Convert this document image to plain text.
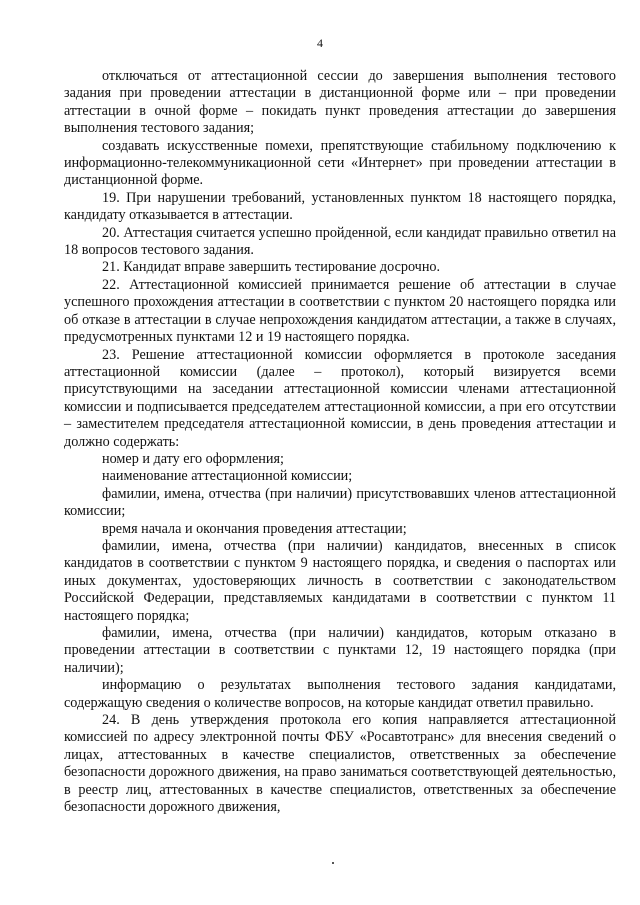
4

отключаться от аттестационной сессии до завершения выполнения тестового задания при проведении аттестации в дистанционной форме или – при проведении аттестации в очной форме – покидать пункт проведения аттестации до завершения выполнения тестового задания;

создавать искусственные помехи, препятствующие стабильному подключению к информационно-телекоммуникационной сети «Интернет» при проведении аттестации в дистанционной форме.

19. При нарушении требований, установленных пунктом 18 настоящего порядка, кандидату отказывается в аттестации.

20. Аттестация считается успешно пройденной, если кандидат правильно ответил на 18 вопросов тестового задания.

21. Кандидат вправе завершить тестирование досрочно.

22. Аттестационной комиссией принимается решение об аттестации в случае успешного прохождения аттестации в соответствии с пунктом 20 настоящего порядка или об отказе в аттестации в случае непрохождения кандидатом аттестации, а также в случаях, предусмотренных пунктами 12 и 19 настоящего порядка.

23. Решение аттестационной комиссии оформляется в протоколе заседания аттестационной комиссии (далее – протокол), который визируется всеми присутствующими на заседании аттестационной комиссии членами аттестационной комиссии и подписывается председателем аттестационной комиссии, а при его отсутствии – заместителем председателя аттестационной комиссии, в день проведения аттестации и должно содержать:

номер и дату его оформления;

наименование аттестационной комиссии;

фамилии, имена, отчества (при наличии) присутствовавших членов аттестационной комиссии;

время начала и окончания проведения аттестации;

фамилии, имена, отчества (при наличии) кандидатов, внесенных в список кандидатов в соответствии с пунктом 9 настоящего порядка, и сведения о паспортах или иных документах, удостоверяющих личность в соответствии с законодательством Российской Федерации, представляемых кандидатами в соответствии с пунктом 11 настоящего порядка;

фамилии, имена, отчества (при наличии) кандидатов, которым отказано в проведении аттестации в соответствии с пунктами 12, 19 настоящего порядка (при наличии);

информацию о результатах выполнения тестового задания кандидатами, содержащую сведения о количестве вопросов, на которые кандидат ответил правильно.

24. В день утверждения протокола его копия направляется аттестационной комиссией по адресу электронной почты ФБУ «Росавтотранс» для внесения сведений о лицах, аттестованных в качестве специалистов, ответственных за обеспечение безопасности дорожного движения, на право заниматься соответствующей деятельностью, в реестр лиц, аттестованных в качестве специалистов, ответственных за обеспечение безопасности дорожного движения,
